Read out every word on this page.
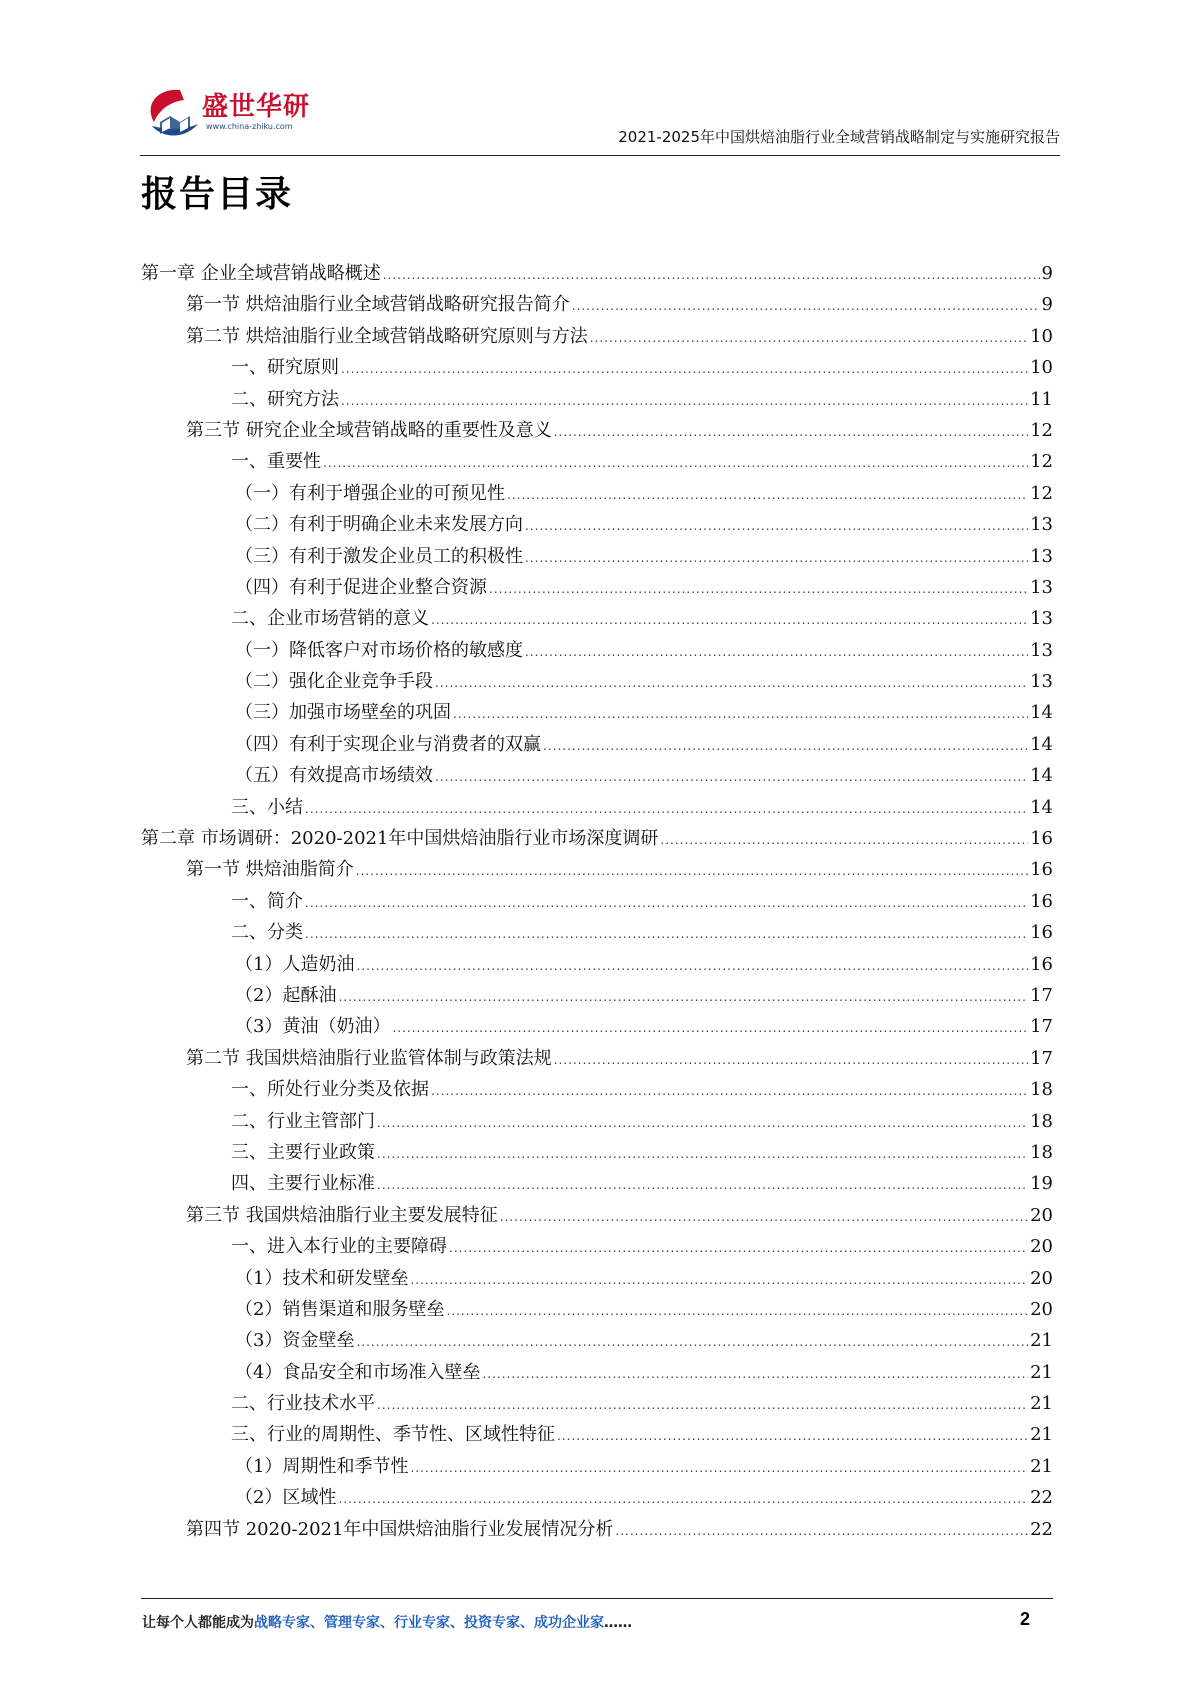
盛世华研
www.china-zhiku.com
2021-2025年中国烘焙油脂行业全域营销战略制定与实施研究报告
报告目录
第一章 企业全域营销战略概述 .....	9
第一节 烘焙油脂行业全域营销战略研究报告简介 .....	9
第二节 烘焙油脂行业全域营销战略研究原则与方法 .....	10
一、研究原则 .....	10
二、研究方法 .....	11
第三节 研究企业全域营销战略的重要性及意义 .....	12
一、重要性 .....	12
（一）有利于增强企业的可预见性 .....	12
（二）有利于明确企业未来发展方向 .....	13
（三）有利于激发企业员工的积极性 .....	13
（四）有利于促进企业整合资源 .....	13
二、企业市场营销的意义 .....	13
（一）降低客户对市场价格的敏感度 .....	13
（二）强化企业竞争手段 .....	13
（三）加强市场壁垒的巩固 .....	14
（四）有利于实现企业与消费者的双赢 .....	14
（五）有效提高市场绩效 .....	14
三、小结 .....	14
第二章 市场调研：2020-2021年中国烘焙油脂行业市场深度调研 .....	16
第一节 烘焙油脂简介 .....	16
一、简介 .....	16
二、分类 .....	16
（1）人造奶油 .....	16
（2）起酥油 .....	17
（3）黄油（奶油） .....	17
第二节 我国烘焙油脂行业监管体制与政策法规 .....	17
一、所处行业分类及依据 .....	18
二、行业主管部门 .....	18
三、主要行业政策 .....	18
四、主要行业标准 .....	19
第三节 我国烘焙油脂行业主要发展特征 .....	20
一、进入本行业的主要障碍 .....	20
（1）技术和研发壁垒 .....	20
（2）销售渠道和服务壁垒 .....	20
（3）资金壁垒 .....	21
（4）食品安全和市场准入壁垒 .....	21
二、行业技术水平 .....	21
三、行业的周期性、季节性、区域性特征 .....	21
（1）周期性和季节性 .....	21
（2）区域性 .....	22
第四节 2020-2021年中国烘焙油脂行业发展情况分析 .....	22
让每个人都能成为战略专家、管理专家、行业专家、投资专家、成功企业家……	2
